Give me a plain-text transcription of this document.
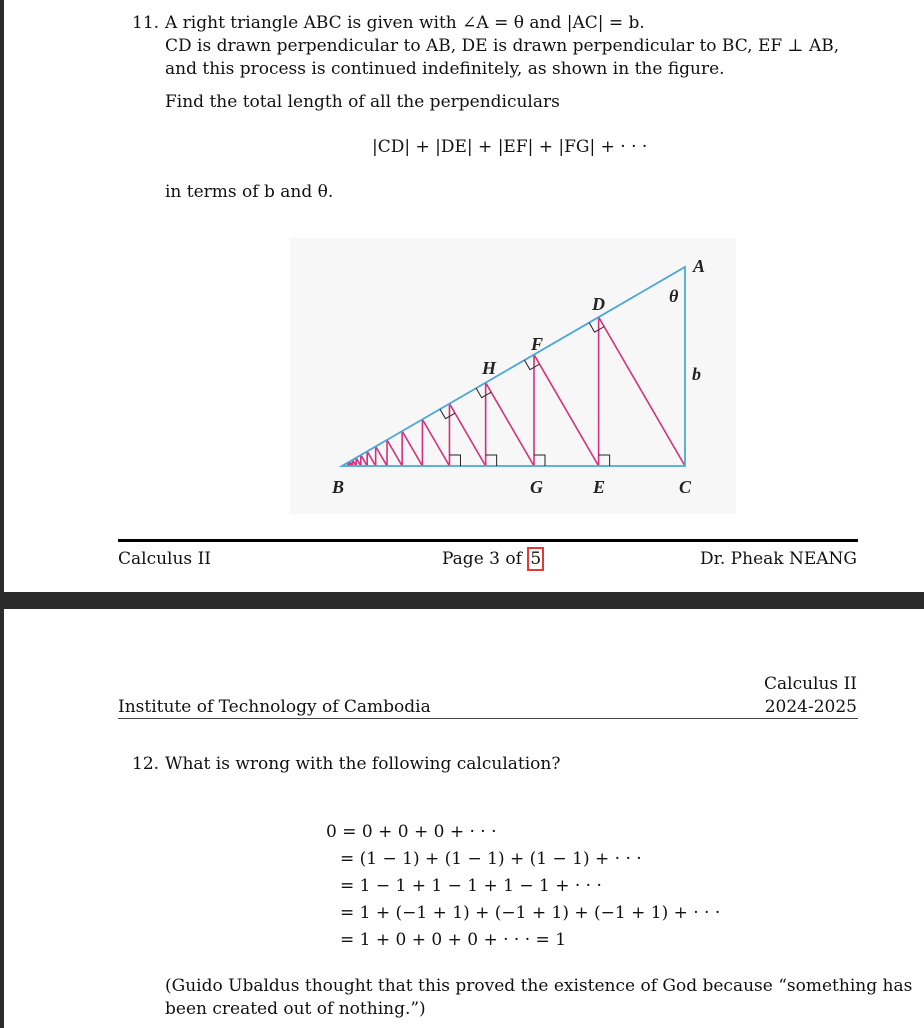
11. A right triangle ABC is given with ∠A = θ and |AC| = b.
CD is drawn perpendicular to AB, DE is drawn perpendicular to BC, EF ⊥ AB,
and this process is continued indefinitely, as shown in the figure.
Find the total length of all the perpendiculars
|CD| + |DE| + |EF| + |FG| + · · ·
in terms of b and θ.
A
B	C
D
E
F
G
H
θ
b
Calculus II	Page 3 of 5	Dr. Pheak NEANG
Calculus II
2024-2025
Institute of Technology of Cambodia
12. What is wrong with the following calculation?
0 = 0 + 0 + 0 + · · ·
= (1 − 1) + (1 − 1) + (1 − 1) + · · ·
= 1 − 1 + 1 − 1 + 1 − 1 + · · ·
= 1 + (−1 + 1) + (−1 + 1) + (−1 + 1) + · · ·
= 1 + 0 + 0 + 0 + · · · = 1
(Guido Ubaldus thought that this proved the existence of God because “something has
been created out of nothing.”)
